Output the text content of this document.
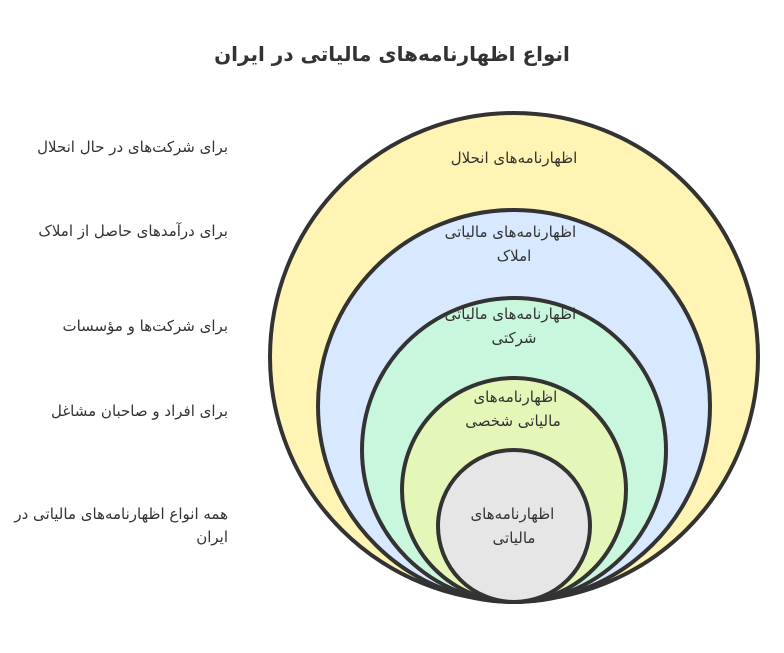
انواع اظهارنامه‌های مالیاتی در ایران
برای شرکت‌های در حال انحلال
برای درآمدهای حاصل از املاک
برای شرکت‌ها و مؤسسات
برای افراد و صاحبان مشاغل
همه انواع اظهارنامه‌های مالیاتی در ایران
اظهارنامه‌های انحلال
اظهارنامه‌های مالیاتی املاک
اظهارنامه‌های مالیاتی شرکتی
اظهارنامه‌های مالیاتی شخصی
اظهارنامه‌های مالیاتی
